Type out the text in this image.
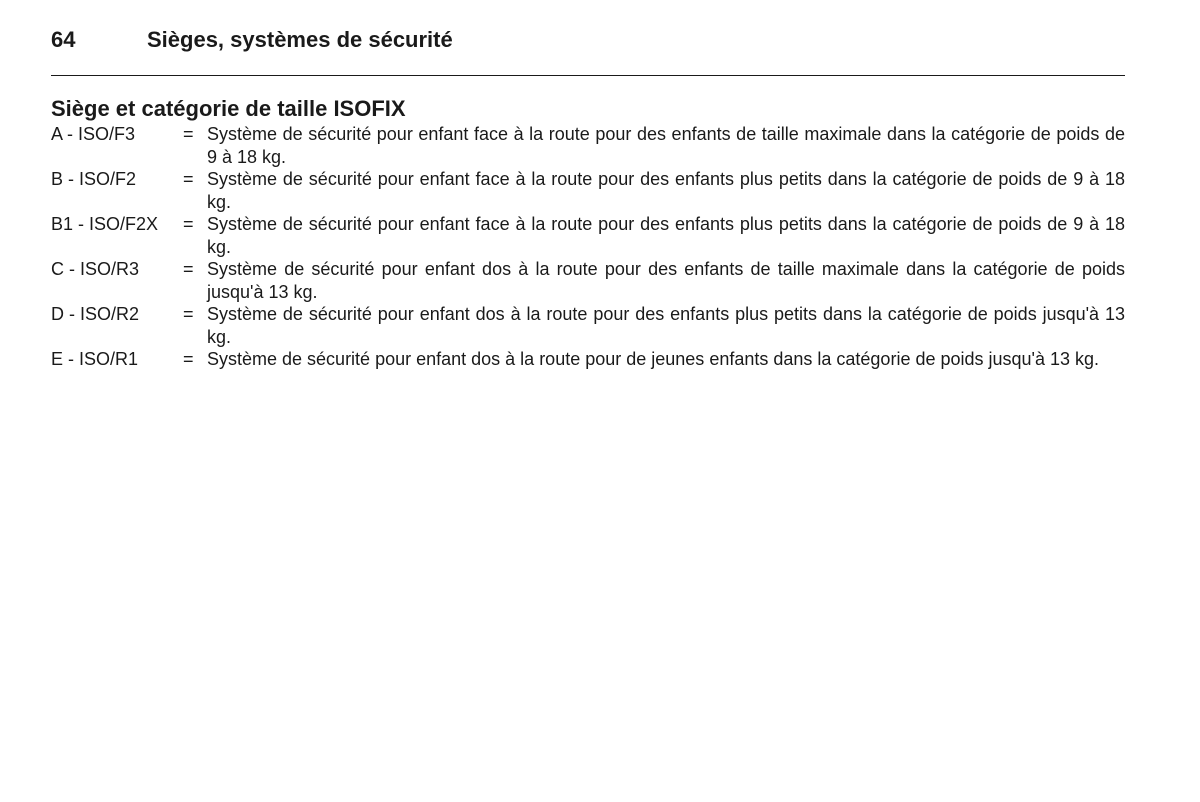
64	Sièges, systèmes de sécurité
Siège et catégorie de taille ISOFIX
A - ISO/F3	= Système de sécurité pour enfant face à la route pour des enfants de taille maximale dans la catégorie de poids de 9 à 18 kg.
B - ISO/F2	= Système de sécurité pour enfant face à la route pour des enfants plus petits dans la catégorie de poids de 9 à 18 kg.
B1 - ISO/F2X	= Système de sécurité pour enfant face à la route pour des enfants plus petits dans la catégorie de poids de 9 à 18 kg.
C - ISO/R3	= Système de sécurité pour enfant dos à la route pour des enfants de taille maximale dans la catégorie de poids jusqu'à 13 kg.
D - ISO/R2	= Système de sécurité pour enfant dos à la route pour des enfants plus petits dans la catégorie de poids jusqu'à 13 kg.
E - ISO/R1	= Système de sécurité pour enfant dos à la route pour de jeunes enfants dans la catégorie de poids jusqu'à 13 kg.
